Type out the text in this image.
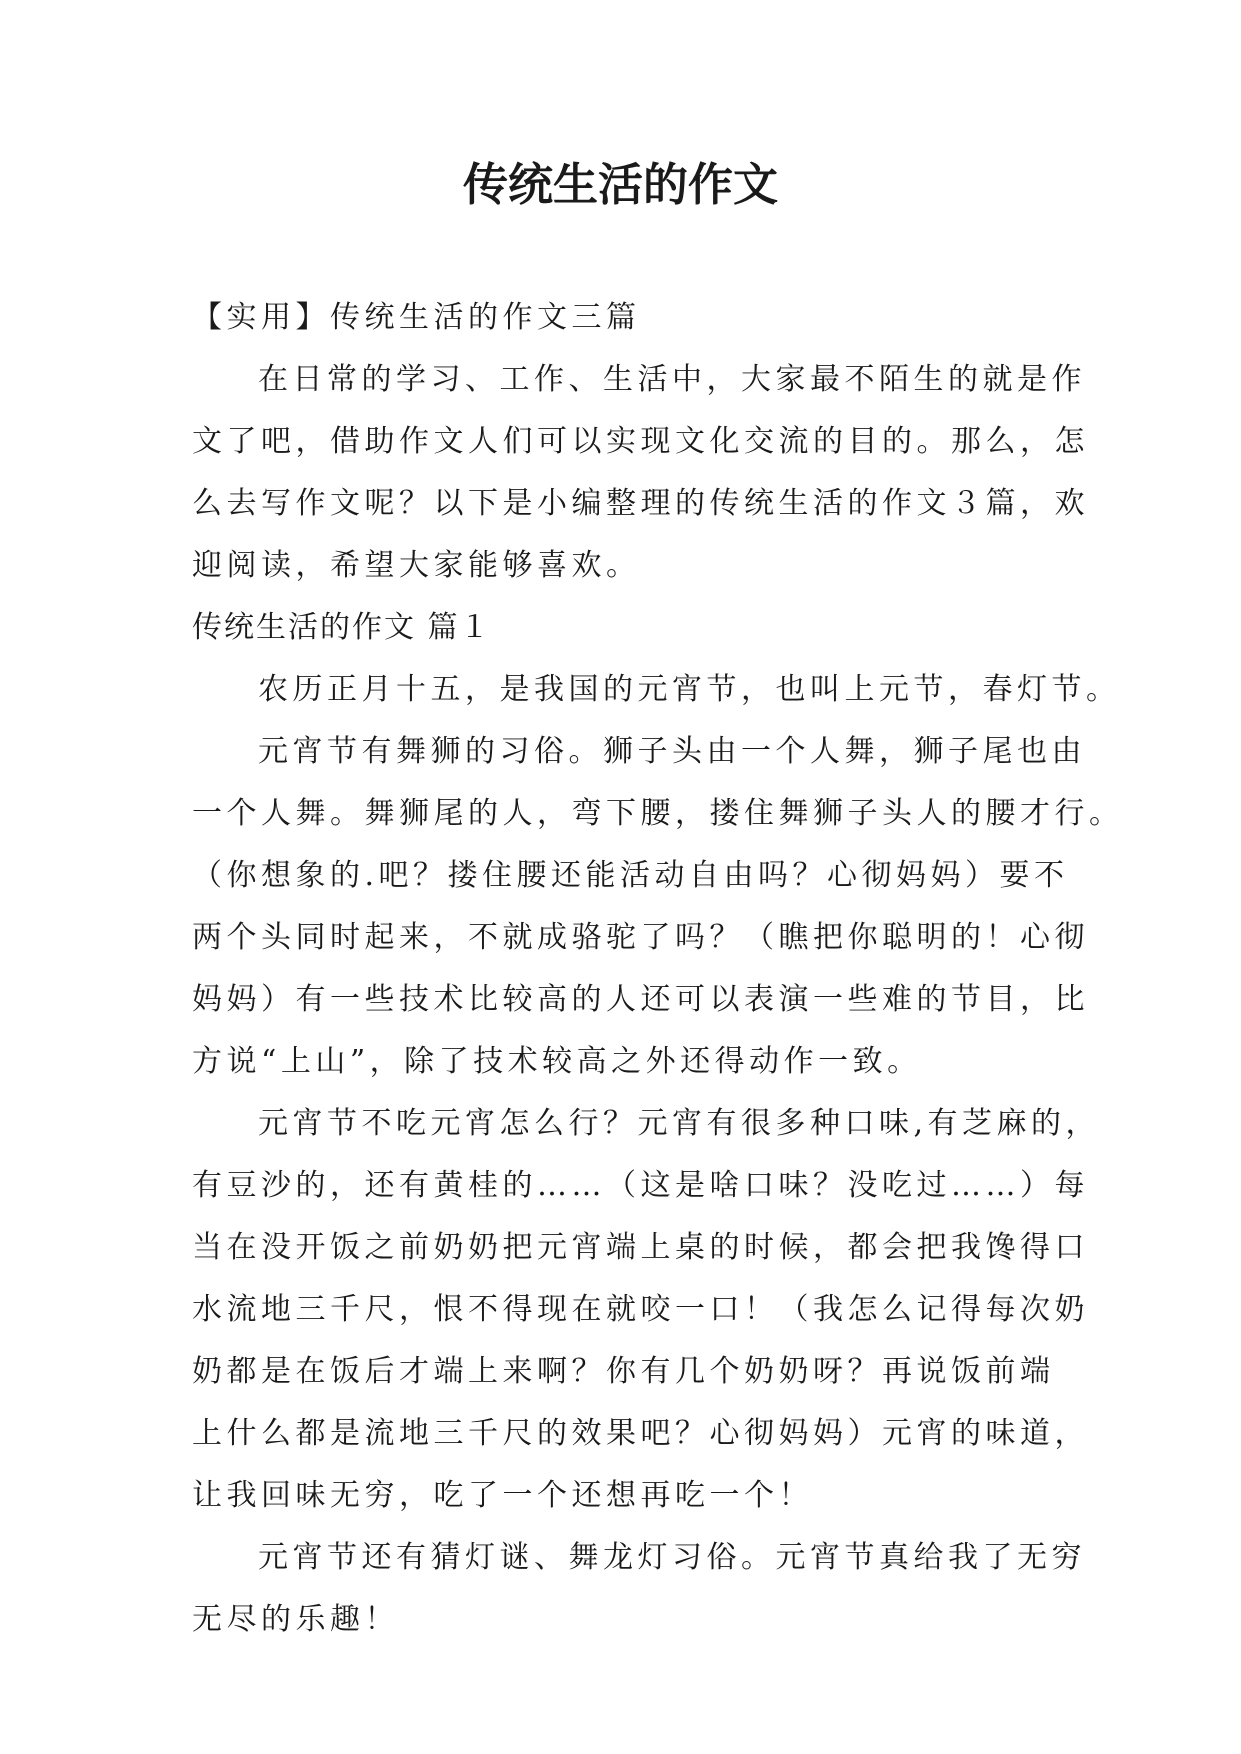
传统生活的作文

【实用】传统生活的作文三篇

在日常的学习、工作、生活中，大家最不陌生的就是作

文了吧，借助作文人们可以实现文化交流的目的。那么，怎

么去写作文呢？以下是小编整理的传统生活的作文３篇，欢

迎阅读，希望大家能够喜欢。

传统生活的作文 篇１

农历正月十五，是我国的元宵节，也叫上元节，春灯节。

元宵节有舞狮的习俗。狮子头由一个人舞，狮子尾也由

一个人舞。舞狮尾的人，弯下腰，搂住舞狮子头人的腰才行。

（你想象的.吧？搂住腰还能活动自由吗？心彻妈妈）要不

两个头同时起来，不就成骆驼了吗？（瞧把你聪明的！心彻

妈妈）有一些技术比较高的人还可以表演一些难的节目，比

方说“上山”，除了技术较高之外还得动作一致。

元宵节不吃元宵怎么行？元宵有很多种口味,有芝麻的，

有豆沙的，还有黄桂的……（这是啥口味？没吃过……）每

当在没开饭之前奶奶把元宵端上桌的时候，都会把我馋得口

水流地三千尺，恨不得现在就咬一口！（我怎么记得每次奶

奶都是在饭后才端上来啊？你有几个奶奶呀？再说饭前端

上什么都是流地三千尺的效果吧？心彻妈妈）元宵的味道，

让我回味无穷，吃了一个还想再吃一个！

元宵节还有猜灯谜、舞龙灯习俗。元宵节真给我了无穷

无尽的乐趣！
